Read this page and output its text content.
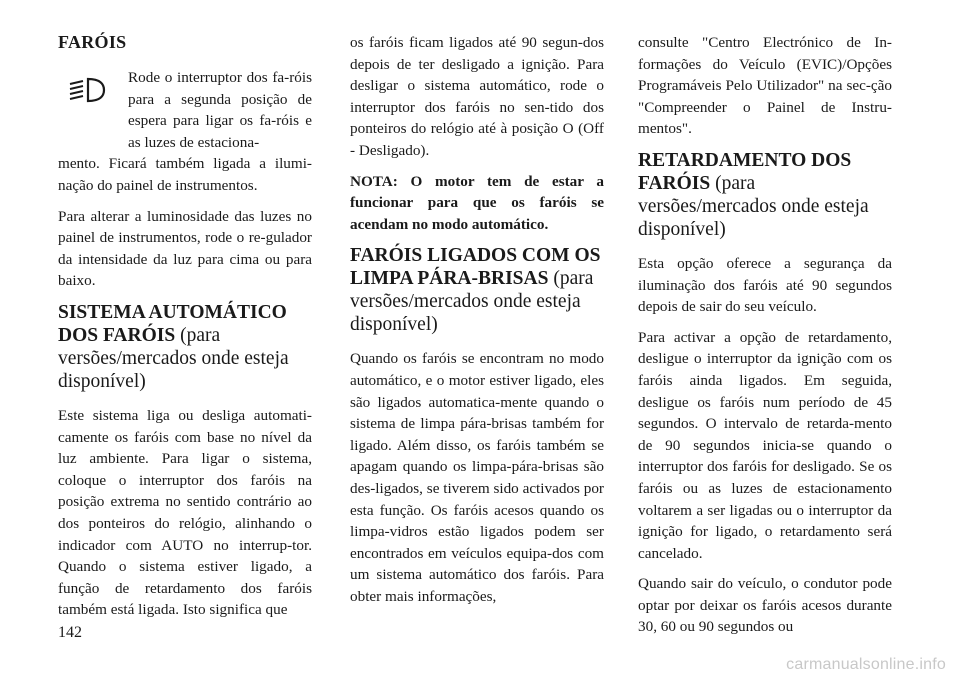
FARÓIS

Rode o interruptor dos fa-róis para a segunda posição de espera para ligar os fa-róis e as luzes de estaciona-

mento. Ficará também ligada a ilumi-nação do painel de instrumentos.

Para alterar a luminosidade das luzes no painel de instrumentos, rode o re-gulador da intensidade da luz para cima ou para baixo.

SISTEMA AUTOMÁTICO DOS FARÓIS (para versões/mercados onde esteja disponível)

Este sistema liga ou desliga automati-camente os faróis com base no nível da luz ambiente. Para ligar o sistema, coloque o interruptor dos faróis na posição extrema no sentido contrário ao dos ponteiros do relógio, alinhando o indicador com AUTO no interrup-tor. Quando o sistema estiver ligado, a função de retardamento dos faróis também está ligada. Isto significa que

os faróis ficam ligados até 90 segun-dos depois de ter desligado a ignição. Para desligar o sistema automático, rode o interruptor dos faróis no sen-tido dos ponteiros do relógio até à posição O (Off - Desligado).

NOTA: O motor tem de estar a funcionar para que os faróis se acendam no modo automático.

FARÓIS LIGADOS COM OS LIMPA PÁRA-BRISAS (para versões/mercados onde esteja disponível)

Quando os faróis se encontram no modo automático, e o motor estiver ligado, eles são ligados automatica-mente quando o sistema de limpa pára-brisas também for ligado. Além disso, os faróis também se apagam quando os limpa-pára-brisas são des-ligados, se tiverem sido activados por esta função. Os faróis acesos quando os limpa-vidros estão ligados podem ser encontrados em veículos equipa-dos com um sistema automático dos faróis. Para obter mais informações,

consulte "Centro Electrónico de In-formações do Veículo (EVIC)/Opções Programáveis Pelo Utilizador" na sec-ção "Compreender o Painel de Instru-mentos".

RETARDAMENTO DOS FARÓIS (para versões/mercados onde esteja disponível)

Esta opção oferece a segurança da iluminação dos faróis até 90 segundos depois de sair do seu veículo.

Para activar a opção de retardamento, desligue o interruptor da ignição com os faróis ainda ligados. Em seguida, desligue os faróis num período de 45 segundos. O intervalo de retarda-mento de 90 segundos inicia-se quando o interruptor dos faróis for desligado. Se os faróis ou as luzes de estacionamento voltarem a ser ligadas ou o interruptor da ignição for ligado, o retardamento será cancelado.

Quando sair do veículo, o condutor pode optar por deixar os faróis acesos durante 30, 60 ou 90 segundos ou

142
carmanualsonline.info
